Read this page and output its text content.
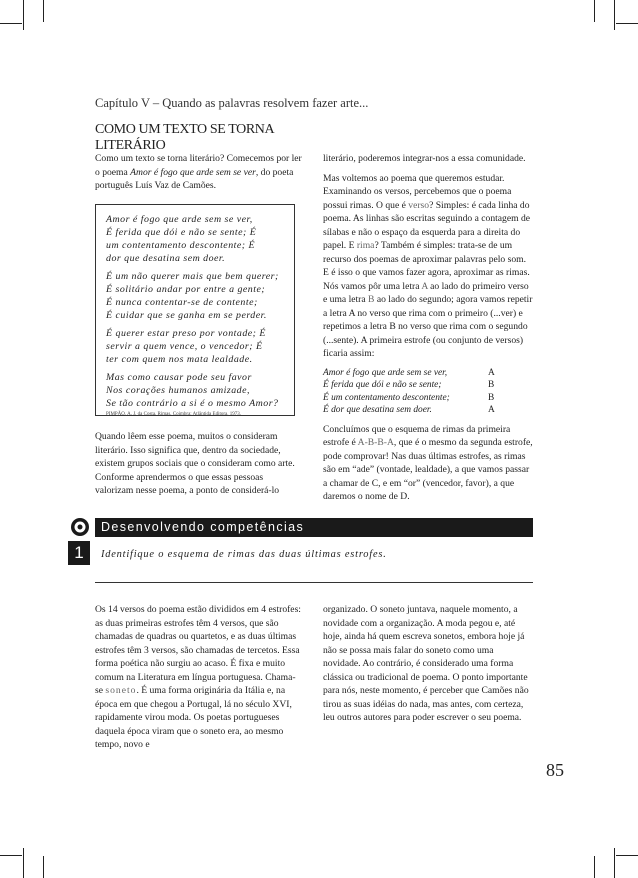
Capítulo V – Quando as palavras resolvem fazer arte...
COMO UM TEXTO SE TORNA LITERÁRIO

Como um texto se torna literário? Comecemos por ler o poema Amor é fogo que arde sem se ver, do poeta português Luís Vaz de Camões.

Amor é fogo que arde sem se ver,
É ferida que dói e não se sente; É
um contentamento descontente; É
dor que desatina sem doer.
É um não querer mais que bem querer;
É solitário andar por entre a gente;
É nunca contentar-se de contente;
É cuidar que se ganha em se perder.
É querer estar preso por vontade; É
servir a quem vence, o vencedor; É
ter com quem nos mata lealdade.
Mas como causar pode seu favor
Nos corações humanos amizade,
Se tão contrário a si é o mesmo Amor?
PIMPÃO, A. J. da Costa. Rimas. Coimbra: Atlântida Editora, 1973.

Quando lêem esse poema, muitos o consideram literário. Isso significa que, dentro da sociedade, existem grupos sociais que o consideram como arte. Conforme aprendermos o que essas pessoas valorizam nesse poema, a ponto de considerá-lo

literário, poderemos integrar-nos a essa comunidade.

Mas voltemos ao poema que queremos estudar. Examinando os versos, percebemos que o poema possui rimas. O que é verso? Simples: é cada linha do poema. As linhas são escritas seguindo a contagem de sílabas e não o espaço da esquerda para a direita do papel. E rima? Também é simples: trata-se de um recurso dos poemas de aproximar palavras pelo som. E é isso o que vamos fazer agora, aproximar as rimas. Nós vamos pôr uma letra A ao lado do primeiro verso e uma letra B ao lado do segundo; agora vamos repetir a letra A no verso que rima com o primeiro (...ver) e repetimos a letra B no verso que rima com o segundo (...sente). A primeira estrofe (ou conjunto de versos) ficaria assim:

Amor é fogo que arde sem se ver,	A
É ferida que dói e não se sente;	B
É um contentamento descontente;	B
É dor que desatina sem doer.	A

Concluímos que o esquema de rimas da primeira estrofe é A-B-B-A, que é o mesmo da segunda estrofe, pode comprovar! Nas duas últimas estrofes, as rimas são em “ade” (vontade, lealdade), a que vamos passar a chamar de C, e em “or” (vencedor, favor), a que daremos o nome de D.

Desenvolvendo competências
1	Identifique o esquema de rimas das duas últimas estrofes.

Os 14 versos do poema estão divididos em 4 estrofes: as duas primeiras estrofes têm 4 versos, que são chamadas de quadras ou quartetos, e as duas últimas estrofes têm 3 versos, são chamadas de tercetos. Essa forma poética não surgiu ao acaso. É fixa e muito comum na Literatura em língua portuguesa. Chama-se soneto. É uma forma originária da Itália e, na época em que chegou a Portugal, lá no século XVI, rapidamente virou moda. Os poetas portugueses daquela época viram que o soneto era, ao mesmo tempo, novo e

organizado. O soneto juntava, naquele momento, a novidade com a organização. A moda pegou e, até hoje, ainda há quem escreva sonetos, embora hoje já não se possa mais falar do soneto como uma novidade. Ao contrário, é considerado uma forma clássica ou tradicional de poema. O ponto importante para nós, neste momento, é perceber que Camões não tirou as suas idéias do nada, mas antes, com certeza, leu outros autores para poder escrever o seu poema.

85
